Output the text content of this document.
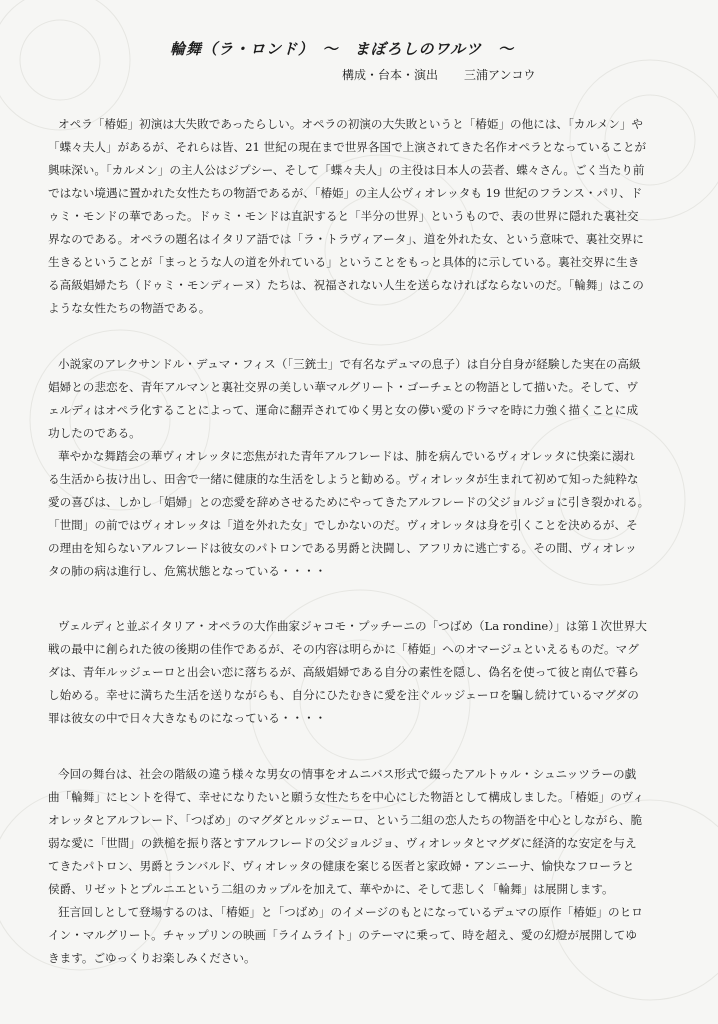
輪舞（ラ・ロンド）　～　まぼろしのワルツ　～
構成・台本・演出 三浦アンコウ
オペラ「椿姫」初演は大失敗であったらしい。オペラの初演の大失敗というと「椿姫」の他には、「カルメン」や
「蝶々夫人」があるが、それらは皆、21 世紀の現在まで世界各国で上演されてきた名作オペラとなっていることが
興味深い。「カルメン」の主人公はジプシー、そして「蝶々夫人」の主役は日本人の芸者、蝶々さん。ごく当たり前
ではない境遇に置かれた女性たちの物語であるが、「椿姫」の主人公ヴィオレッタも 19 世紀のフランス・パリ、ド
ゥミ・モンドの華であった。ドゥミ・モンドは直訳すると「半分の世界」というもので、表の世界に隠れた裏社交
界なのである。オペラの題名はイタリア語では「ラ・トラヴィアータ」、道を外れた女、という意味で、裏社交界に
生きるということが「まっとうな人の道を外れている」ということをもっと具体的に示している。裏社交界に生き
る高級娼婦たち（ドゥミ・モンディーヌ）たちは、祝福されない人生を送らなければならないのだ。「輪舞」はこの
ような女性たちの物語である。
小説家のアレクサンドル・デュマ・フィス（「三銃士」で有名なデュマの息子）は自分自身が経験した実在の高級
娼婦との悲恋を、青年アルマンと裏社交界の美しい華マルグリート・ゴーチェとの物語として描いた。そして、ヴ
ェルディはオペラ化することによって、運命に翻弄されてゆく男と女の儚い愛のドラマを時に力強く描くことに成
功したのである。
華やかな舞踏会の華ヴィオレッタに恋焦がれた青年アルフレードは、肺を病んでいるヴィオレッタに快楽に溺れ
る生活から抜け出し、田舎で一緒に健康的な生活をしようと勧める。ヴィオレッタが生まれて初めて知った純粋な
愛の喜びは、しかし「娼婦」との恋愛を辞めさせるためにやってきたアルフレードの父ジョルジョに引き裂かれる。
「世間」の前ではヴィオレッタは「道を外れた女」でしかないのだ。ヴィオレッタは身を引くことを決めるが、そ
の理由を知らないアルフレードは彼女のパトロンである男爵と決闘し、アフリカに逃亡する。その間、ヴィオレッ
タの肺の病は進行し、危篤状態となっている・・・・
ヴェルディと並ぶイタリア・オペラの大作曲家ジャコモ・プッチーニの「つばめ（La rondine）」は第１次世界大
戦の最中に創られた彼の後期の佳作であるが、その内容は明らかに「椿姫」へのオマージュといえるものだ。マグ
ダは、青年ルッジェーロと出会い恋に落ちるが、高級娼婦である自分の素性を隠し、偽名を使って彼と南仏で暮ら
し始める。幸せに満ちた生活を送りながらも、自分にひたむきに愛を注ぐルッジェーロを騙し続けているマグダの
罪は彼女の中で日々大きなものになっている・・・・
今回の舞台は、社会の階級の違う様々な男女の情事をオムニバス形式で綴ったアルトゥル・シュニッツラーの戯
曲「輪舞」にヒントを得て、幸せになりたいと願う女性たちを中心にした物語として構成しました。「椿姫」のヴィ
オレッタとアルフレード、「つばめ」のマグダとルッジェーロ、という二組の恋人たちの物語を中心としながら、脆
弱な愛に「世間」の鉄槌を振り落とすアルフレードの父ジョルジョ、ヴィオレッタとマグダに経済的な安定を与え
てきたパトロン、男爵とランバルド、ヴィオレッタの健康を案じる医者と家政婦・アンニーナ、愉快なフローラと
侯爵、リゼットとプルニエという二組のカップルを加えて、華やかに、そして悲しく「輪舞」は展開します。
狂言回しとして登場するのは、「椿姫」と「つばめ」のイメージのもとになっているデュマの原作「椿姫」のヒロ
イン・マルグリート。チャップリンの映画「ライムライト」のテーマに乗って、時を超え、愛の幻燈が展開してゆ
きます。ごゆっくりお楽しみください。
